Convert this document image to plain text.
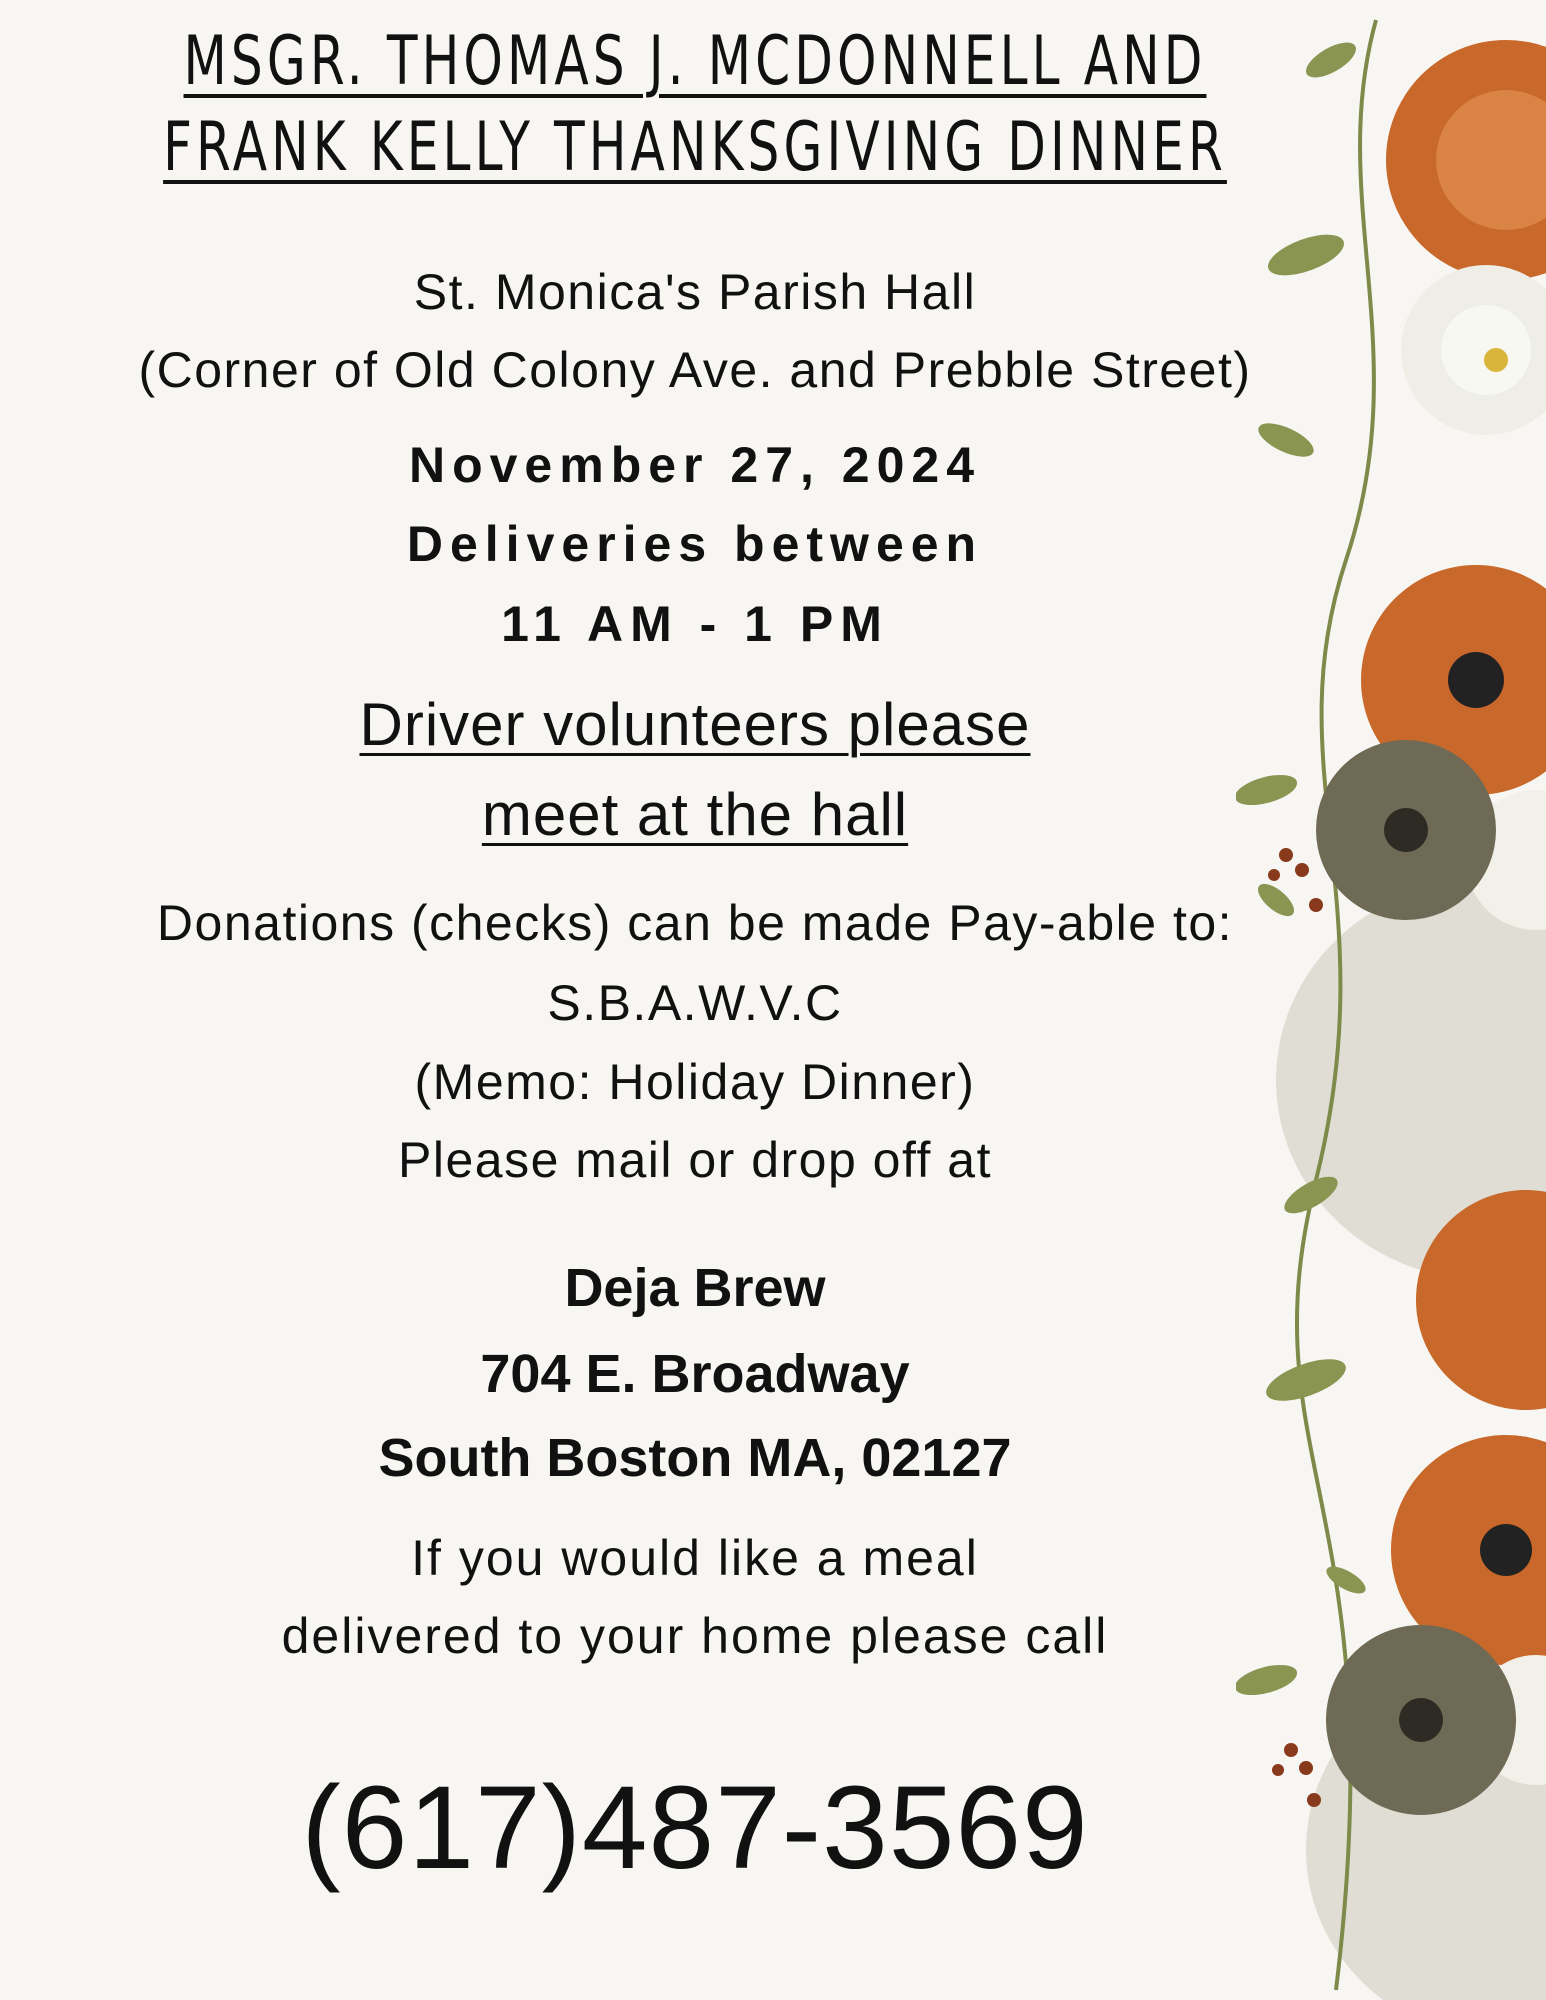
MSGR. THOMAS J. MCDONNELL AND
FRANK KELLY THANKSGIVING DINNER
St. Monica's Parish Hall
(Corner of Old Colony Ave. and Prebble Street)
November 27, 2024
Deliveries between
11 AM - 1 PM
Driver volunteers please
meet at the hall
Donations (checks) can be made Pay-able to:
S.B.A.W.V.C
(Memo: Holiday Dinner)
Please mail or drop off at
Deja Brew
704 E. Broadway
South Boston MA, 02127
If you would like a meal
delivered to your home please call
(617)487-3569
